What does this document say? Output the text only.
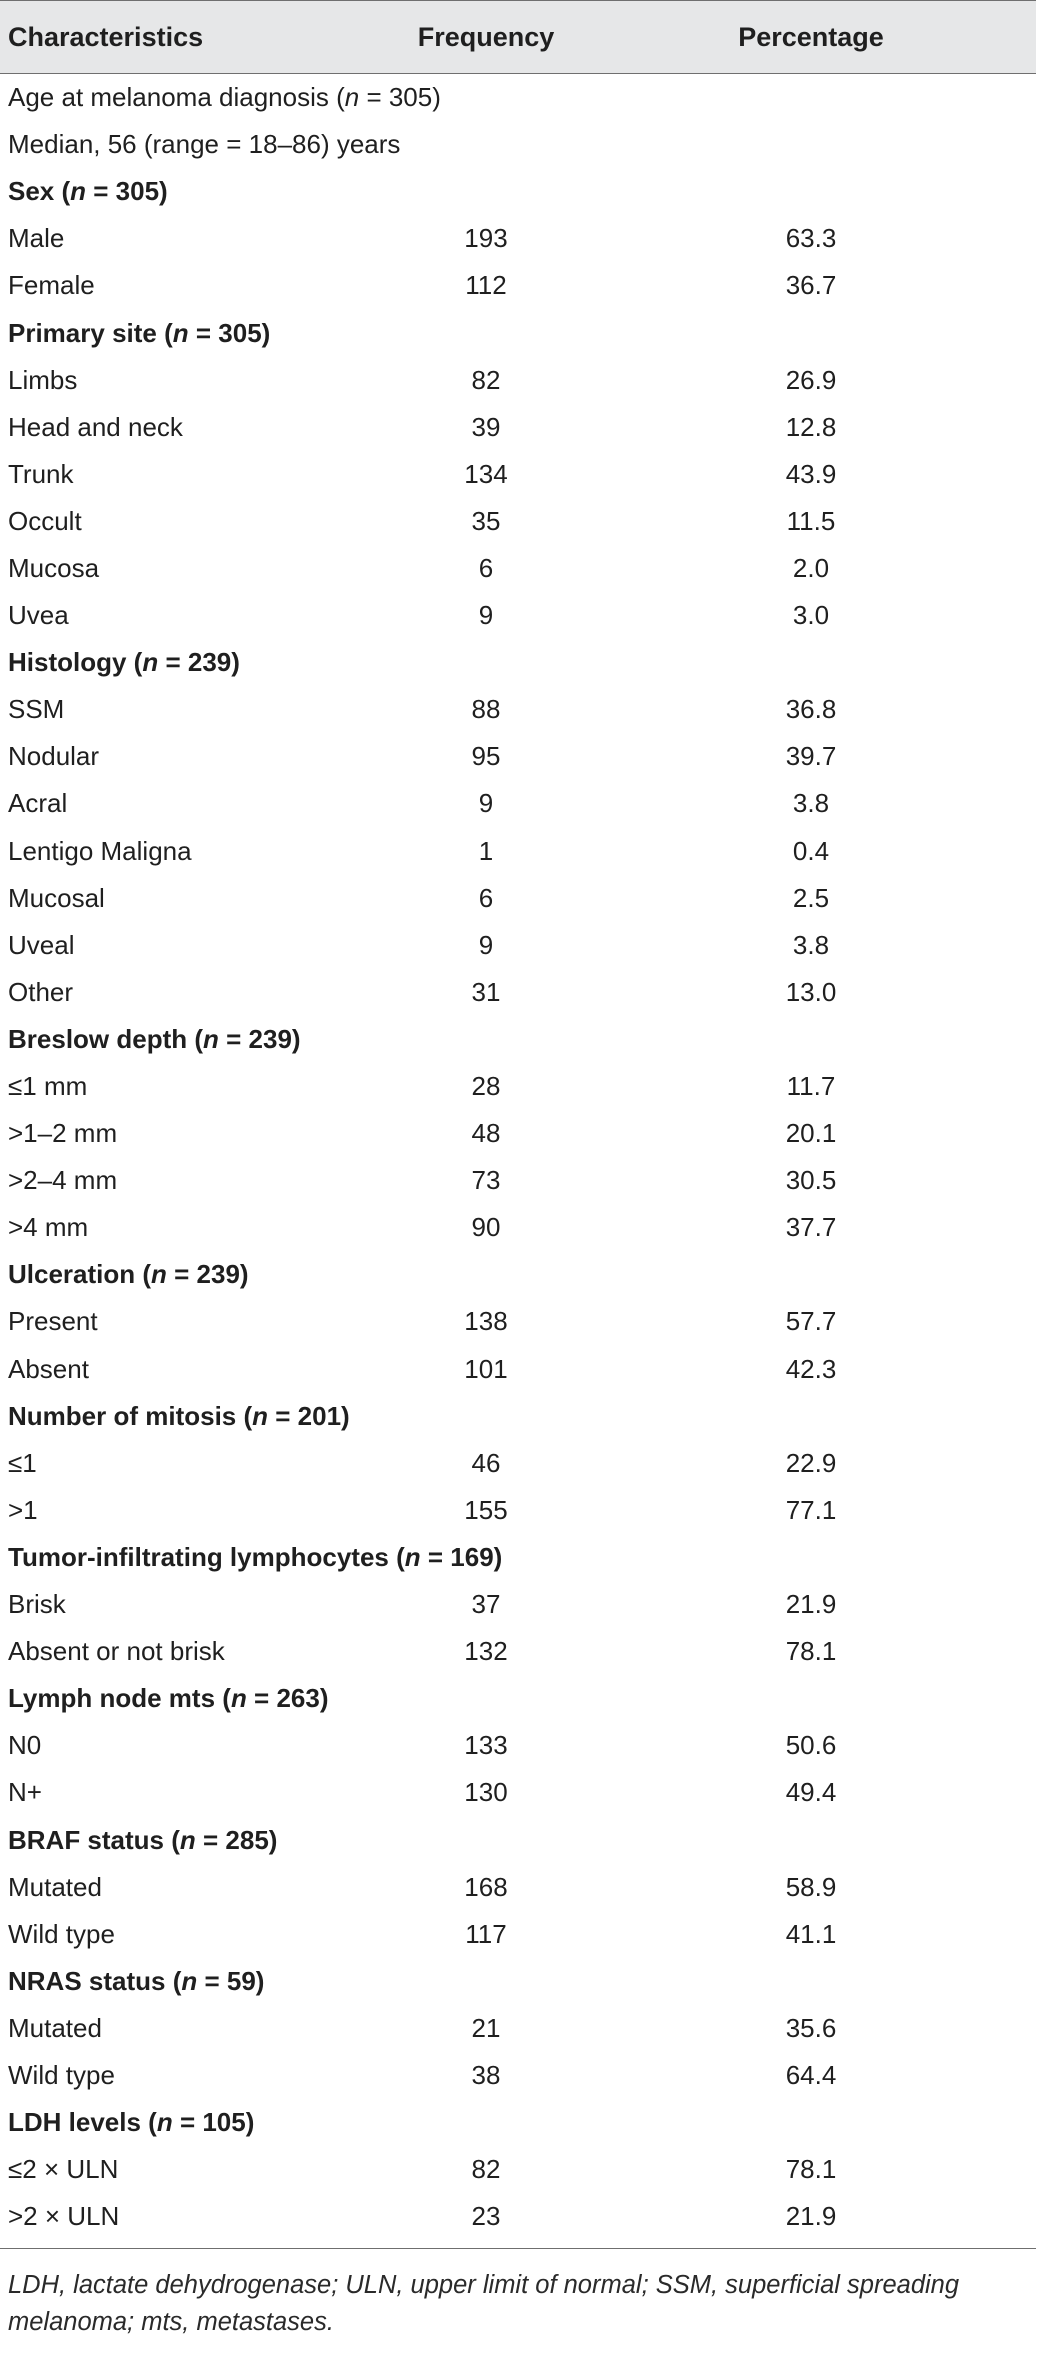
Characteristics	Frequency	Percentage
Age at melanoma diagnosis (n = 305)
Median, 56 (range = 18–86) years
Sex (n = 305)
Male	193	63.3
Female	112	36.7
Primary site (n = 305)
Limbs	82	26.9
Head and neck	39	12.8
Trunk	134	43.9
Occult	35	11.5
Mucosa	6	2.0
Uvea	9	3.0
Histology (n = 239)
SSM	88	36.8
Nodular	95	39.7
Acral	9	3.8
Lentigo Maligna	1	0.4
Mucosal	6	2.5
Uveal	9	3.8
Other	31	13.0
Breslow depth (n = 239)
≤1 mm	28	11.7
>1–2 mm	48	20.1
>2–4 mm	73	30.5
>4 mm	90	37.7
Ulceration (n = 239)
Present	138	57.7
Absent	101	42.3
Number of mitosis (n = 201)
≤1	46	22.9
>1	155	77.1
Tumor-infiltrating lymphocytes (n = 169)
Brisk	37	21.9
Absent or not brisk	132	78.1
Lymph node mts (n = 263)
N0	133	50.6
N+	130	49.4
BRAF status (n = 285)
Mutated	168	58.9
Wild type	117	41.1
NRAS status (n = 59)
Mutated	21	35.6
Wild type	38	64.4
LDH levels (n = 105)
≤2 × ULN	82	78.1
>2 × ULN	23	21.9
LDH, lactate dehydrogenase; ULN, upper limit of normal; SSM, superficial spreading melanoma; mts, metastases.
